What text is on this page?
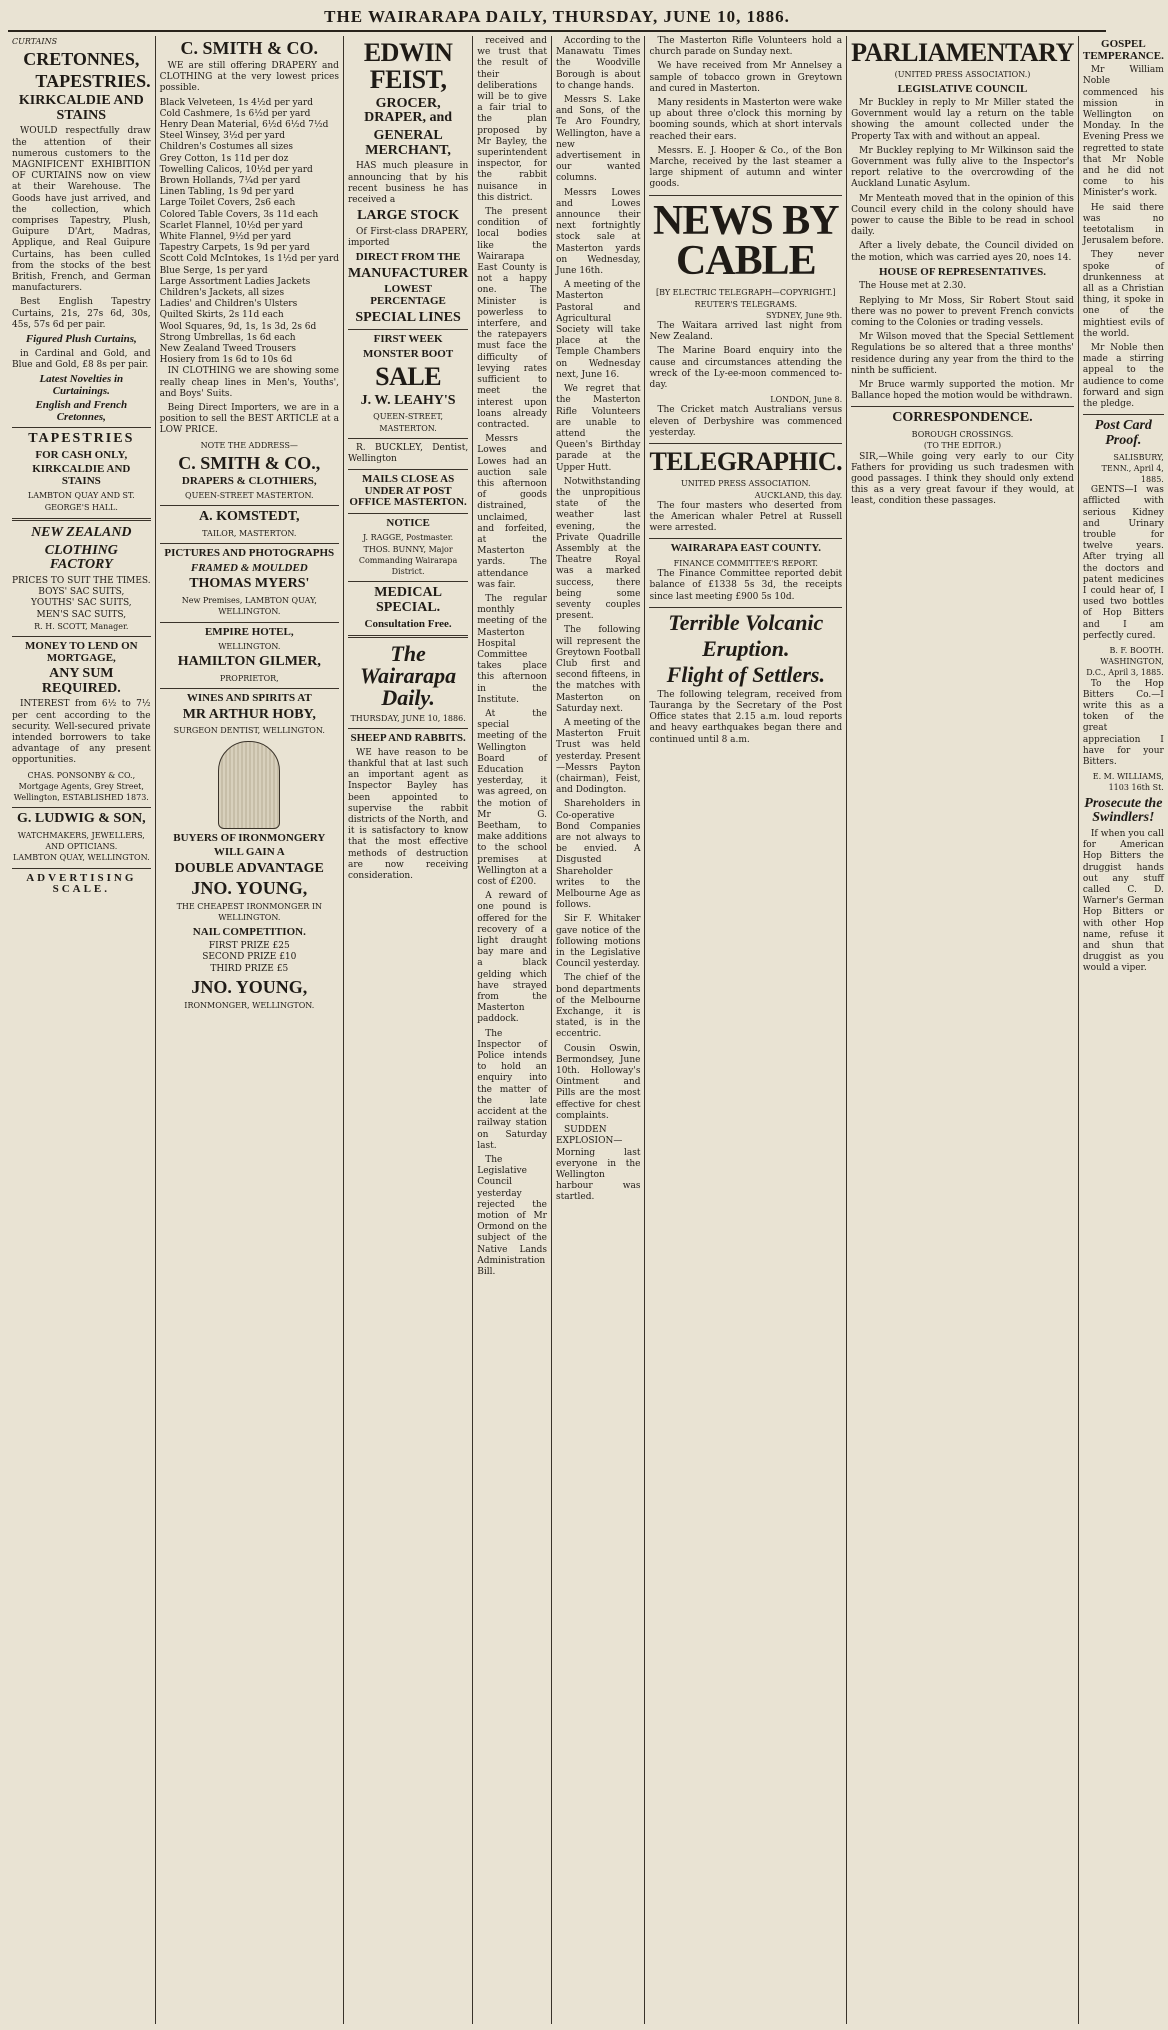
THE WAIRARAPA DAILY, THURSDAY, JUNE 10, 1886.
CURTAINS
CRETONNES,
TAPESTRIES.
KIRKCALDIE AND STAINS

WOULD respectfully draw the attention of their numerous customers to the MAGNIFICENT EXHIBITION OF CURTAINS now on view at their Warehouse. The Goods have just arrived, and the collection, which comprises Tapestry, Plush, Guipure D'Art, Madras, Applique, and Real Guipure Curtains, has been culled from the stocks of the best British, French, and German manufacturers.

Best English Tapestry Curtains, 21s, 27s 6d, 30s, 45s, 57s 6d per pair.

Figured Plush Curtains,

in Cardinal and Gold, and Blue and Gold, £8 8s per pair.

Latest Novelties in Curtainings.
English and French Cretonnes,
TAPESTRIES
FOR CASH ONLY,
KIRKCALDIE AND STAINS
LAMBTON QUAY AND ST. GEORGE'S HALL.
NEW ZEALAND
CLOTHING FACTORY
PRICES TO SUIT THE TIMES.
BOYS' SAC SUITS,
YOUTHS' SAC SUITS,
MEN'S SAC SUITS,
R. H. SCOTT, Manager.
MONEY TO LEND ON MORTGAGE,
ANY SUM REQUIRED.

INTEREST from 6½ to 7½ per cent according to the security. Well-secured private intended borrowers to take advantage of any present opportunities.

CHAS. PONSONBY & CO., Mortgage Agents, Grey Street, Wellington, ESTABLISHED 1873.
G. LUDWIG & SON,
WATCHMAKERS, JEWELLERS, AND OPTICIANS.
LAMBTON QUAY, WELLINGTON.
ADVERTISING SCALE.
C. SMITH & CO.

WE are still offering DRAPERY and CLOTHING at the very lowest prices possible.

Black Velveteen, 1s 4½d per yard
Cold Cashmere, 1s 6½d per yard
Henry Dean Material, 6½d 6½d 7½d
Steel Winsey, 3½d per yard
Children's Costumes all sizes
Grey Cotton, 1s 11d per doz
Towelling Calicos, 10½d per yard
Brown Hollands, 7¼d per yard
Linen Tabling, 1s 9d per yard
Large Toilet Covers, 2s6 each
Colored Table Covers, 3s 11d each
Scarlet Flannel, 10½d per yard
White Flannel, 9½d per yard
Tapestry Carpets, 1s 9d per yard
Scott Cold McIntokes, 1s 1½d per yard
Blue Serge, 1s per yard
Large Assortment Ladies Jackets
Children's Jackets, all sizes
Ladies' and Children's Ulsters
Quilted Skirts, 2s 11d each
Wool Squares, 9d, 1s, 1s 3d, 2s 6d
Strong Umbrellas, 1s 6d each
New Zealand Tweed Trousers
Hosiery from 1s 6d to 10s 6d

IN CLOTHING we are showing some really cheap lines in Men's, Youths', and Boys' Suits.

Being Direct Importers, we are in a position to sell the BEST ARTICLE at a LOW PRICE.

NOTE THE ADDRESS—
C. SMITH & CO.,
DRAPERS & CLOTHIERS,
QUEEN-STREET MASTERTON.
A. KOMSTEDT,
TAILOR, MASTERTON.
PICTURES AND PHOTOGRAPHS
FRAMED & MOULDED
THOMAS MYERS'
New Premises, LAMBTON QUAY, WELLINGTON.
EMPIRE HOTEL,
WELLINGTON.
HAMILTON GILMER,
PROPRIETOR,
WINES AND SPIRITS AT
MR ARTHUR HOBY,
SURGEON DENTIST, WELLINGTON.
BUYERS OF IRONMONGERY
WILL GAIN A
DOUBLE ADVANTAGE
JNO. YOUNG,
THE CHEAPEST IRONMONGER IN WELLINGTON.
NAIL COMPETITION.
FIRST PRIZE £25
SECOND PRIZE £10
THIRD PRIZE £5
JNO. YOUNG,
IRONMONGER, WELLINGTON.
EDWIN FEIST,
GROCER, DRAPER, and
GENERAL MERCHANT,

HAS much pleasure in announcing that by his recent business he has received a

LARGE STOCK

Of First-class DRAPERY, imported

DIRECT FROM THE
MANUFACTURER
LOWEST PERCENTAGE
SPECIAL LINES
FIRST WEEK
MONSTER BOOT
SALE
J. W. LEAHY'S
QUEEN-STREET, MASTERTON.

R. BUCKLEY, Dentist, Wellington

MAILS CLOSE AS UNDER AT POST OFFICE MASTERTON.
NOTICE
J. RAGGE, Postmaster.
THOS. BUNNY, Major Commanding Wairarapa District.
MEDICAL SPECIAL.
Consultation Free.
The Wairarapa Daily.
THURSDAY, JUNE 10, 1886.
SHEEP AND RABBITS.

WE have reason to be thankful that at last such an important agent as Inspector Bayley has been appointed to supervise the rabbit districts of the North, and it is satisfactory to know that the most effective methods of destruction are now receiving consideration.

received and we trust that the result of their deliberations will be to give a fair trial to the plan proposed by Mr Bayley, the superintendent inspector, for the rabbit nuisance in this district.

The present condition of local bodies like the Wairarapa East County is not a happy one. The Minister is powerless to interfere, and the ratepayers must face the difficulty of levying rates sufficient to meet the interest upon loans already contracted.

Messrs Lowes and Lowes had an auction sale this afternoon of goods distrained, unclaimed, and forfeited, at the Masterton yards. The attendance was fair.

The regular monthly meeting of the Masterton Hospital Committee takes place this afternoon in the Institute.

At the special meeting of the Wellington Board of Education yesterday, it was agreed, on the motion of Mr G. Beetham, to make additions to the school premises at Wellington at a cost of £200.

A reward of one pound is offered for the recovery of a light draught bay mare and a black gelding which have strayed from the Masterton paddock.

The Inspector of Police intends to hold an enquiry into the matter of the late accident at the railway station on Saturday last.

The Legislative Council yesterday rejected the motion of Mr Ormond on the subject of the Native Lands Administration Bill.

According to the Manawatu Times the Woodville Borough is about to change hands.

Messrs S. Lake and Sons, of the Te Aro Foundry, Wellington, have a new advertisement in our wanted columns.

Messrs Lowes and Lowes announce their next fortnightly stock sale at Masterton yards on Wednesday, June 16th.

A meeting of the Masterton Pastoral and Agricultural Society will take place at the Temple Chambers on Wednesday next, June 16.

We regret that the Masterton Rifle Volunteers are unable to attend the Queen's Birthday parade at the Upper Hutt.

Notwithstanding the unpropitious state of the weather last evening, the Private Quadrille Assembly at the Theatre Royal was a marked success, there being some seventy couples present.

The following will represent the Greytown Football Club first and second fifteens, in the matches with Masterton on Saturday next.

A meeting of the Masterton Fruit Trust was held yesterday. Present—Messrs Payton (chairman), Feist, and Dodington.

Shareholders in Co-operative Bond Companies are not always to be envied. A Disgusted Shareholder writes to the Melbourne Age as follows.

Sir F. Whitaker gave notice of the following motions in the Legislative Council yesterday.

The chief of the bond departments of the Melbourne Exchange, it is stated, is in the eccentric.

Cousin Oswin, Bermondsey, June 10th. Holloway's Ointment and Pills are the most effective for chest complaints.

SUDDEN EXPLOSION—Morning last everyone in the Wellington harbour was startled.

The Masterton Rifle Volunteers hold a church parade on Sunday next.

We have received from Mr Annelsey a sample of tobacco grown in Greytown and cured in Masterton.

Many residents in Masterton were wake up about three o'clock this morning by booming sounds, which at short intervals reached their ears.

Messrs. E. J. Hooper & Co., of the Bon Marche, received by the last steamer a large shipment of autumn and winter goods.

NEWS BY CABLE
[BY ELECTRIC TELEGRAPH—COPYRIGHT.]
REUTER'S TELEGRAMS.
SYDNEY, June 9th.

The Waitara arrived last night from New Zealand.

The Marine Board enquiry into the cause and circumstances attending the wreck of the Ly-ee-moon commenced to-day.

LONDON, June 8.

The Cricket match Australians versus eleven of Derbyshire was commenced yesterday.

TELEGRAPHIC.
UNITED PRESS ASSOCIATION.
AUCKLAND, this day.

The four masters who deserted from the American whaler Petrel at Russell were arrested.

WAIRARAPA EAST COUNTY.
FINANCE COMMITTEE'S REPORT.

The Finance Committee reported debit balance of £1338 5s 3d, the receipts since last meeting £900 5s 10d.

Terrible Volcanic
Eruption.
Flight of Settlers.

The following telegram, received from Tauranga by the Secretary of the Post Office states that 2.15 a.m. loud reports and heavy earthquakes began there and continued until 8 a.m.

PARLIAMENTARY
(UNITED PRESS ASSOCIATION.)
LEGISLATIVE COUNCIL

Mr Buckley in reply to Mr Miller stated the Government would lay a return on the table showing the amount collected under the Property Tax with and without an appeal.

Mr Buckley replying to Mr Wilkinson said the Government was fully alive to the Inspector's report relative to the overcrowding of the Auckland Lunatic Asylum.

Mr Menteath moved that in the opinion of this Council every child in the colony should have power to cause the Bible to be read in school daily.

After a lively debate, the Council divided on the motion, which was carried ayes 20, noes 14.

HOUSE OF REPRESENTATIVES.

The House met at 2.30.

Replying to Mr Moss, Sir Robert Stout said there was no power to prevent French convicts coming to the Colonies or trading vessels.

Mr Wilson moved that the Special Settlement Regulations be so altered that a three months' residence during any year from the third to the ninth be sufficient.

Mr Bruce warmly supported the motion. Mr Ballance hoped the motion would be withdrawn.

CORRESPONDENCE.
BOROUGH CROSSINGS.
(TO THE EDITOR.)

SIR,—While going very early to our City Fathers for providing us such tradesmen with good passages. I think they should only extend this as a very great favour if they would, at least, condition these passages.

GOSPEL TEMPERANCE.

Mr William Noble commenced his mission in Wellington on Monday. In the Evening Press we regretted to state that Mr Noble and he did not come to his Minister's work.

He said there was no teetotalism in Jerusalem before.

They never spoke of drunkenness at all as a Christian thing, it spoke in one of the mightiest evils of the world.

Mr Noble then made a stirring appeal to the audience to come forward and sign the pledge.

Post Card Proof.
SALISBURY, TENN., April 4, 1885.

GENTS—I was afflicted with serious Kidney and Urinary trouble for twelve years. After trying all the doctors and patent medicines I could hear of, I used two bottles of Hop Bitters and I am perfectly cured.

B. F. BOOTH.
WASHINGTON, D.C., April 3, 1885.

To the Hop Bitters Co.—I write this as a token of the great appreciation I have for your Bitters.

E. M. WILLIAMS, 1103 16th St.
Prosecute the Swindlers!

If when you call for American Hop Bitters the druggist hands out any stuff called C. D. Warner's German Hop Bitters or with other Hop name, refuse it and shun that druggist as you would a viper.
